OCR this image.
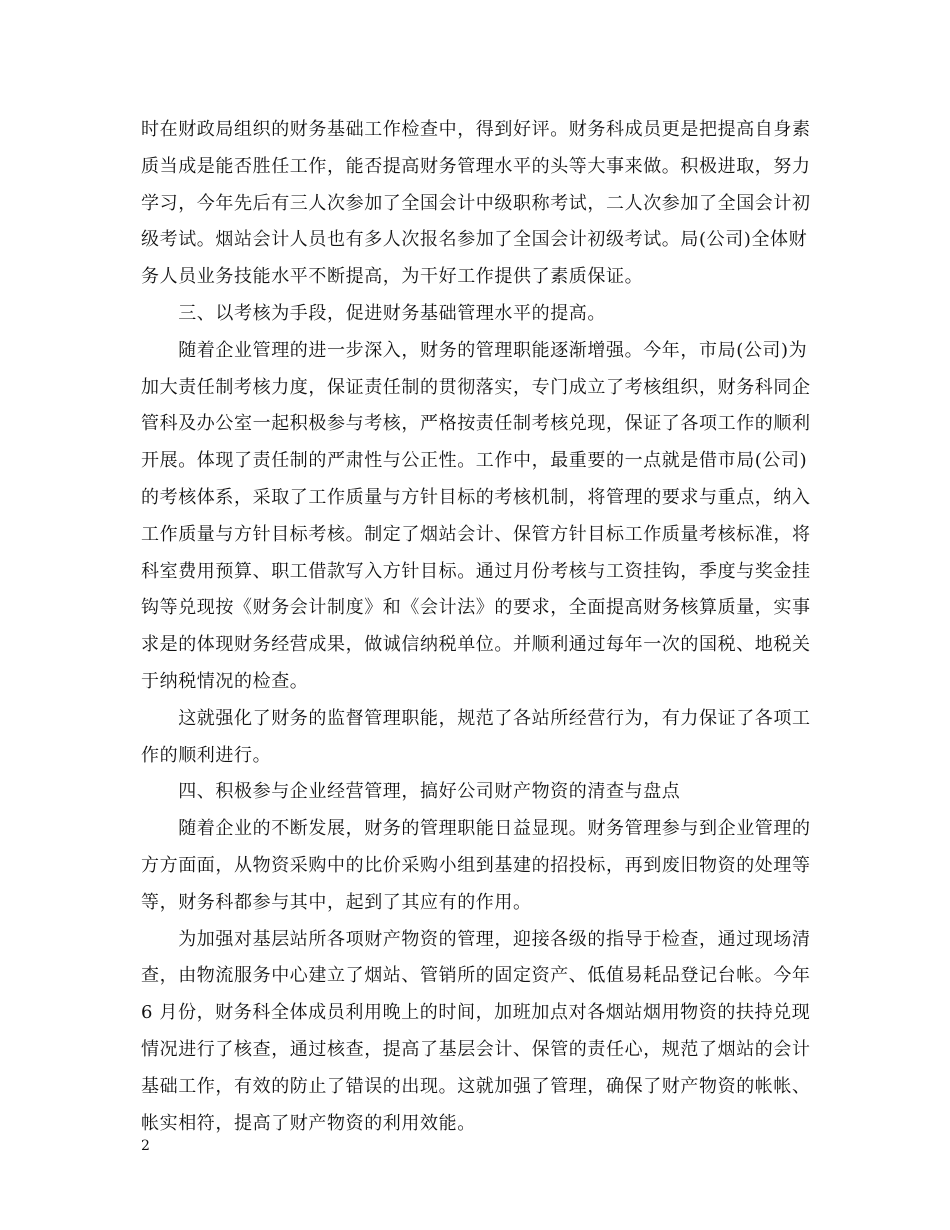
时在财政局组织的财务基础工作检查中，得到好评。财务科成员更是把提高自身素
质当成是能否胜任工作，能否提高财务管理水平的头等大事来做。积极进取，努力
学习，今年先后有三人次参加了全国会计中级职称考试，二人次参加了全国会计初
级考试。烟站会计人员也有多人次报名参加了全国会计初级考试。局(公司)全体财
务人员业务技能水平不断提高，为干好工作提供了素质保证。

　　三、以考核为手段，促进财务基础管理水平的提高。

　　随着企业管理的进一步深入，财务的管理职能逐渐增强。今年，市局(公司)为
加大责任制考核力度，保证责任制的贯彻落实，专门成立了考核组织，财务科同企
管科及办公室一起积极参与考核，严格按责任制考核兑现，保证了各项工作的顺利
开展。体现了责任制的严肃性与公正性。工作中，最重要的一点就是借市局(公司)
的考核体系，采取了工作质量与方针目标的考核机制，将管理的要求与重点，纳入
工作质量与方针目标考核。制定了烟站会计、保管方针目标工作质量考核标准，将
科室费用预算、职工借款写入方针目标。通过月份考核与工资挂钩，季度与奖金挂
钩等兑现按《财务会计制度》和《会计法》的要求，全面提高财务核算质量，实事
求是的体现财务经营成果，做诚信纳税单位。并顺利通过每年一次的国税、地税关
于纳税情况的检查。

　　这就强化了财务的监督管理职能，规范了各站所经营行为，有力保证了各项工
作的顺利进行。

　　四、积极参与企业经营管理，搞好公司财产物资的清查与盘点

　　随着企业的不断发展，财务的管理职能日益显现。财务管理参与到企业管理的
方方面面，从物资采购中的比价采购小组到基建的招投标，再到废旧物资的处理等
等，财务科都参与其中，起到了其应有的作用。

　　为加强对基层站所各项财产物资的管理，迎接各级的指导于检查，通过现场清
查，由物流服务中心建立了烟站、管销所的固定资产、低值易耗品登记台帐。今年
6 月份，财务科全体成员利用晚上的时间，加班加点对各烟站烟用物资的扶持兑现
情况进行了核查，通过核查，提高了基层会计、保管的责任心，规范了烟站的会计
基础工作，有效的防止了错误的出现。这就加强了管理，确保了财产物资的帐帐、
帐实相符，提高了财产物资的利用效能。

2
